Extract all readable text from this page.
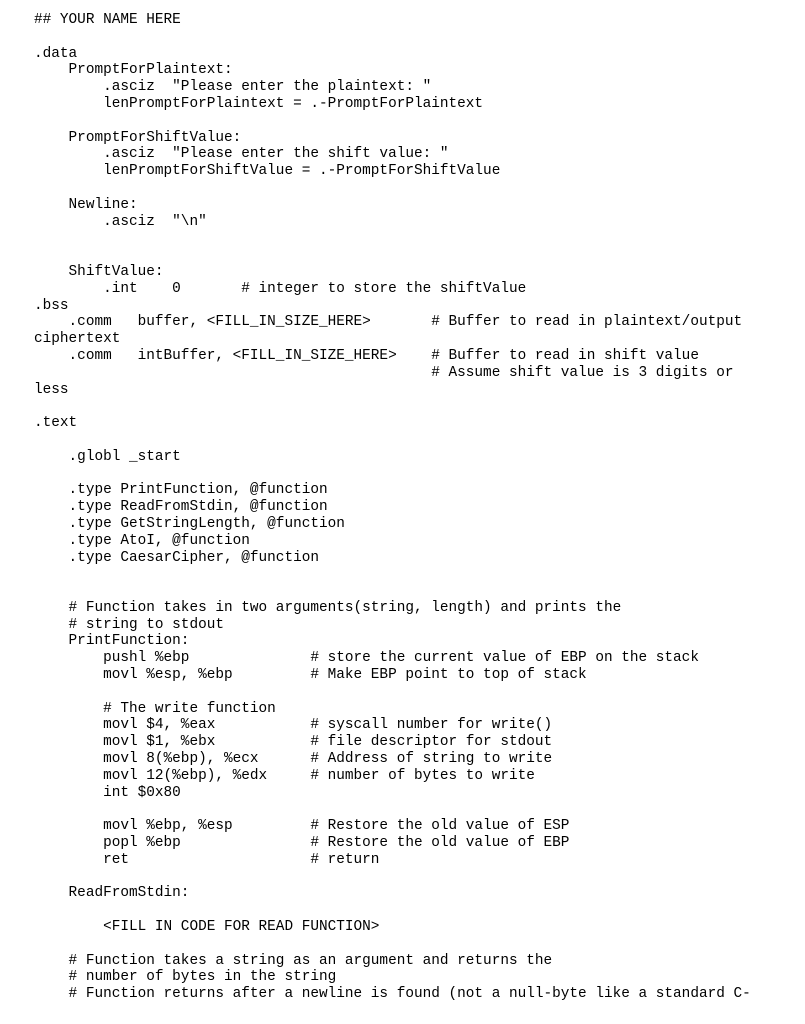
## YOUR NAME HERE
.data
PromptForPlaintext:
.asciz  "Please enter the plaintext: "
lenPromptForPlaintext = .-PromptForPlaintext
PromptForShiftValue:
.asciz  "Please enter the shift value: "
lenPromptForShiftValue = .-PromptForShiftValue
Newline:
.asciz  "\n"
ShiftValue:
.int    0       # integer to store the shiftValue
.bss
.comm   buffer, <FILL_IN_SIZE_HERE>       # Buffer to read in plaintext/output
ciphertext
.comm   intBuffer, <FILL_IN_SIZE_HERE>    # Buffer to read in shift value
# Assume shift value is 3 digits or
less
.text
.globl _start
.type PrintFunction, @function
.type ReadFromStdin, @function
.type GetStringLength, @function
.type AtoI, @function
.type CaesarCipher, @function
# Function takes in two arguments(string, length) and prints the
# string to stdout
PrintFunction:
pushl %ebp              # store the current value of EBP on the stack
movl %esp, %ebp         # Make EBP point to top of stack
# The write function
movl $4, %eax           # syscall number for write()
movl $1, %ebx           # file descriptor for stdout
movl 8(%ebp), %ecx      # Address of string to write
movl 12(%ebp), %edx     # number of bytes to write
int $0x80
movl %ebp, %esp         # Restore the old value of ESP
popl %ebp               # Restore the old value of EBP
ret                     # return
ReadFromStdin:
<FILL IN CODE FOR READ FUNCTION>
# Function takes a string as an argument and returns the
# number of bytes in the string
# Function returns after a newline is found (not a null-byte like a standard C-
